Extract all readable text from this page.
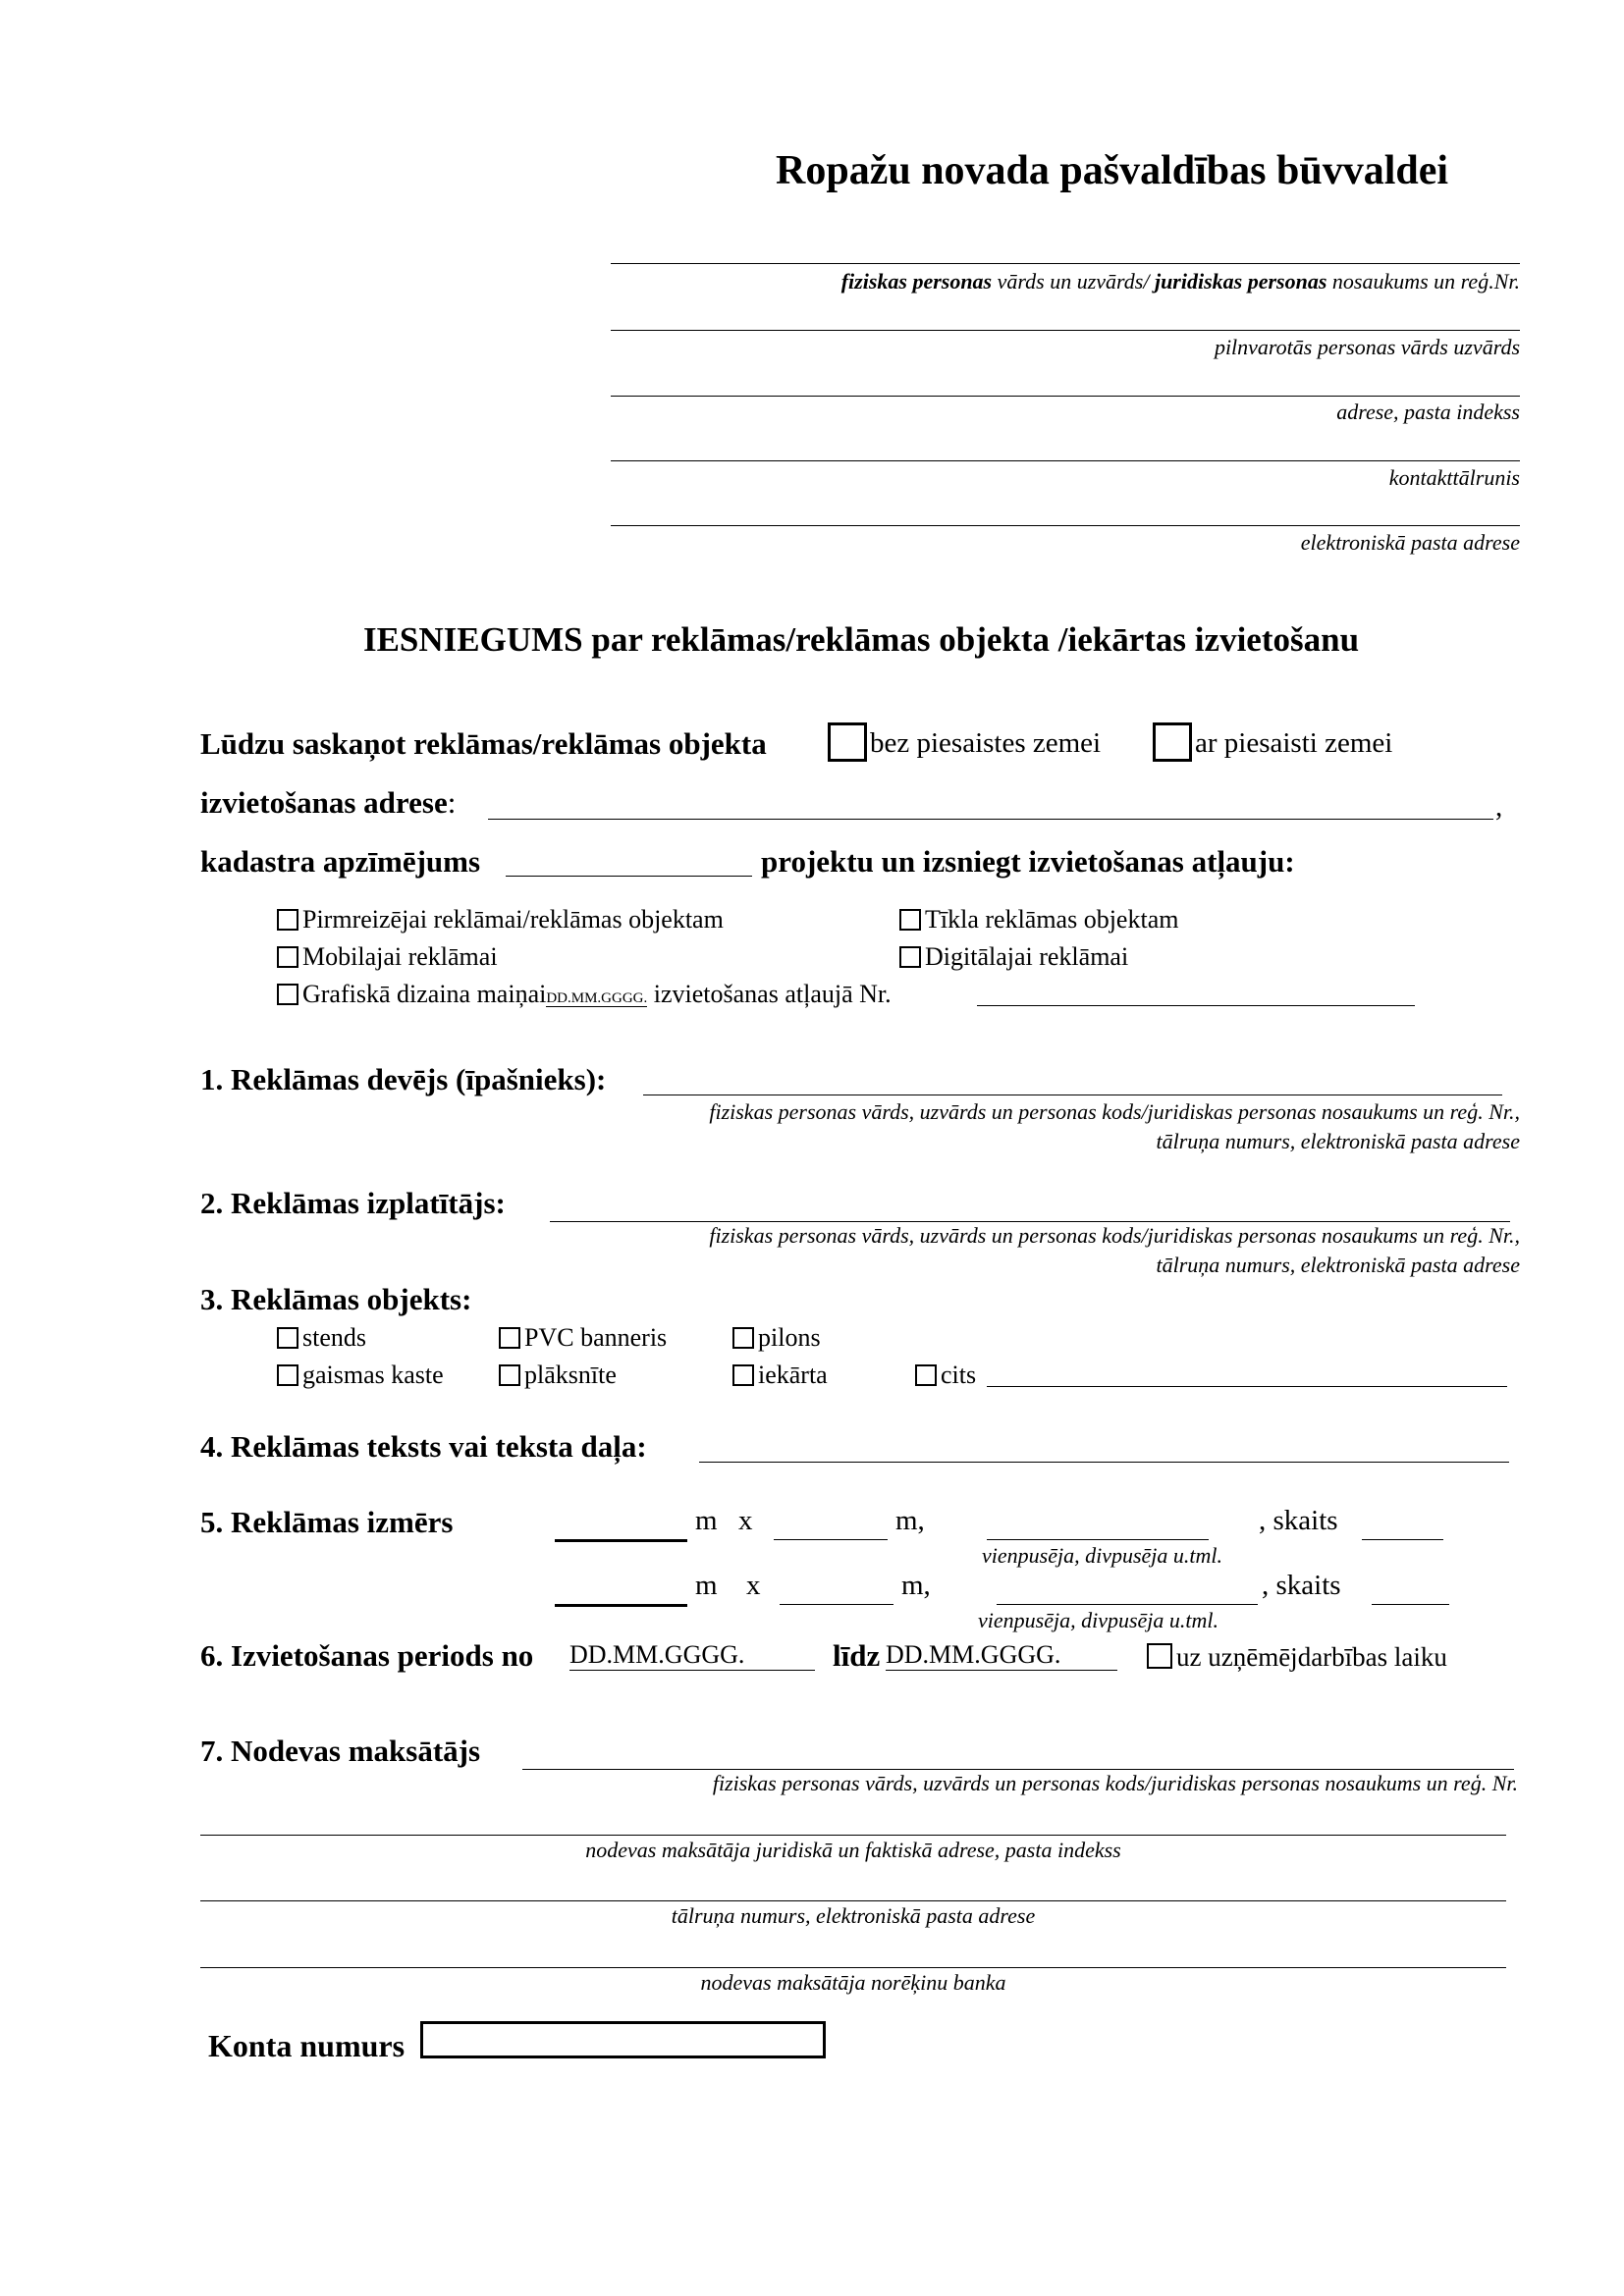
Ropažu novada pašvaldības būvvaldei
fiziskas personas vārds un uzvārds/ juridiskas personas nosaukums un reģ.Nr.
pilnvarotās personas vārds uzvārds
adrese, pasta indekss
kontakttālrunis
elektroniskā pasta adrese
IESNIEGUMS par reklāmas/reklāmas objekta /iekārtas izvietošanu
Lūdzu saskaņot reklāmas/reklāmas objekta	bez piesaistes zemei	ar piesaisti zemei
izvietošanas adrese:	,
kadastra apzīmējums	projektu un izsniegt izvietošanas atļauju:
Pirmreizējai reklāmai/reklāmas objektam	Tīkla reklāmas objektam
Mobilajai reklāmai	Digitālajai reklāmai
Grafiskā dizaina maiņaiDD.MM.GGGG. izvietošanas atļaujā Nr.
1. Reklāmas devējs (īpašnieks):
fiziskas personas vārds, uzvārds un personas kods/juridiskas personas nosaukums un reģ. Nr.,
tālruņa numurs, elektroniskā pasta adrese
2. Reklāmas izplatītājs:
fiziskas personas vārds, uzvārds un personas kods/juridiskas personas nosaukums un reģ. Nr.,
tālruņa numurs, elektroniskā pasta adrese
3. Reklāmas objekts:
stends	PVC banneris	pilons
gaismas kaste	plāksnīte	iekārta	cits
4. Reklāmas teksts vai teksta daļa:
5. Reklāmas izmērs	m x	m,	, skaits
vienpusēja, divpusēja u.tml.
m x	m,	, skaits
vienpusēja, divpusēja u.tml.
6. Izvietošanas periods no DD.MM.GGGG.	līdz DD.MM.GGGG.	uz uzņēmējdarbības laiku
7. Nodevas maksātājs
fiziskas personas vārds, uzvārds un personas kods/juridiskas personas nosaukums un reģ. Nr.
nodevas maksātāja juridiskā un faktiskā adrese, pasta indekss
tālruņa numurs, elektroniskā pasta adrese
nodevas maksātāja norēķinu banka
Konta numurs
